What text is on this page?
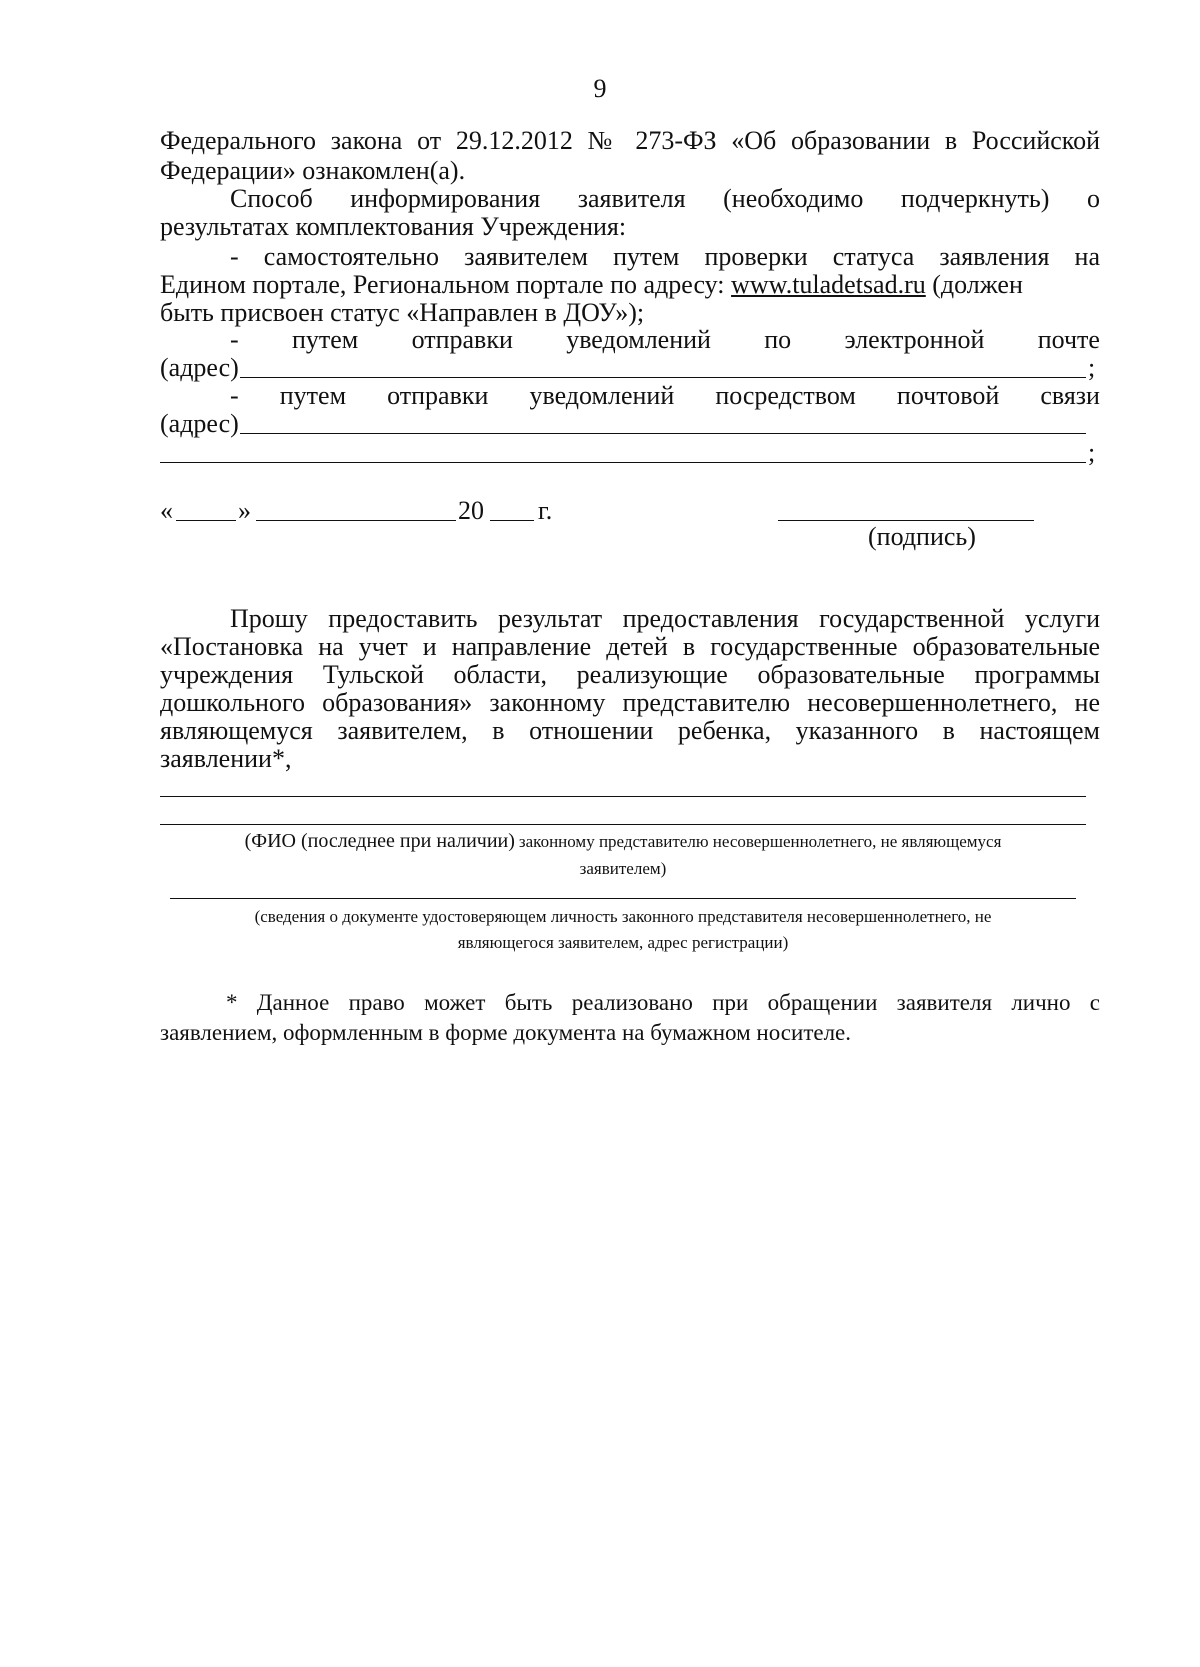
9
Федерального закона от 29.12.2012 № 273-ФЗ «Об образовании в Российской
Федерации» ознакомлен(а).
Способ информирования заявителя (необходимо подчеркнуть) о
результатах комплектования Учреждения:
- самостоятельно заявителем путем проверки статуса заявления на
Едином портале, Региональном портале по адресу: www.tuladetsad.ru (должен
быть присвоен статус «Направлен в ДОУ»);
- путем отправки уведомлений по электронной почте
(адрес)	;
- путем отправки уведомлений посредством почтовой связи
(адрес)
;
«	»	20 г.
(подпись)
Прошу предоставить результат предоставления государственной услуги
«Постановка на учет и направление детей в государственные образовательные
учреждения Тульской области, реализующие образовательные программы
дошкольного образования» законному представителю несовершеннолетнего, не
являющемуся заявителем, в отношении ребенка, указанного в настоящем
заявлении*,
(ФИО (последнее при наличии) законному представителю несовершеннолетнего, не являющемуся
заявителем)
(сведения о документе удостоверяющем личность законного представителя несовершеннолетнего, не
являющегося заявителем, адрес регистрации)
* Данное право может быть реализовано при обращении заявителя лично с
заявлением, оформленным в форме документа на бумажном носителе.
